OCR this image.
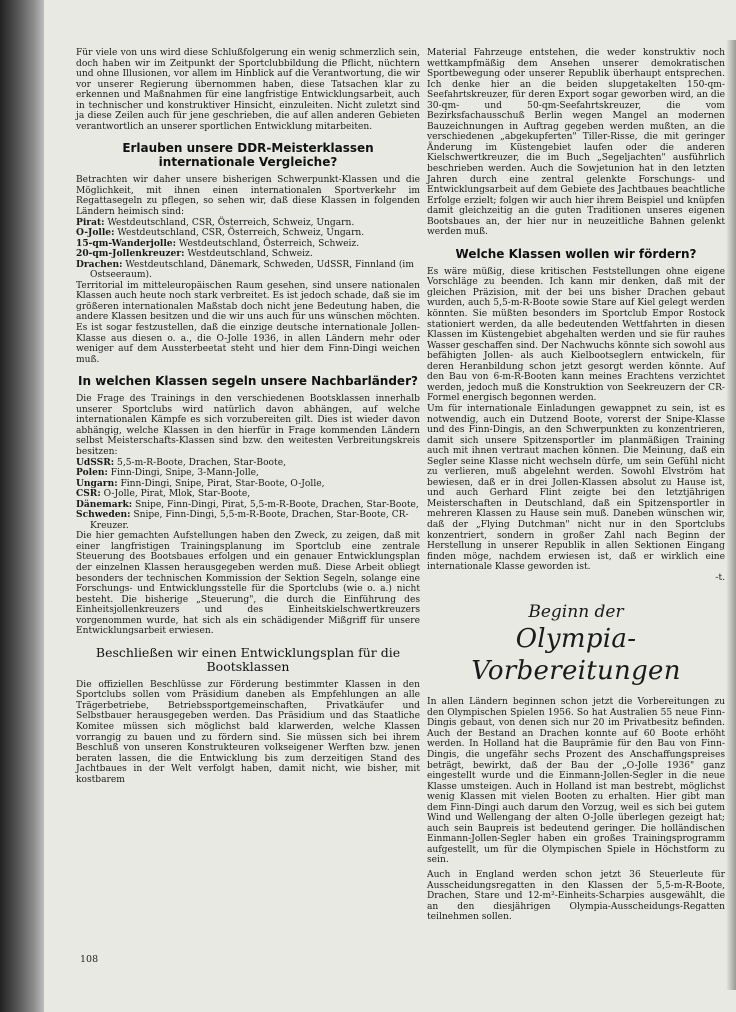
Für viele von uns wird diese Schlußfolgerung ein wenig schmerzlich sein, doch haben wir im Zeitpunkt der Sportclubbildung die Pflicht, nüchtern und ohne Illusionen, vor allem im Hinblick auf die Verantwortung, die wir vor unserer Regierung übernommen haben, diese Tatsachen klar zu erkennen und Maßnahmen für eine langfristige Entwicklungsarbeit, auch in technischer und konstruktiver Hinsicht, einzuleiten. Nicht zuletzt sind ja diese Zeilen auch für jene geschrieben, die auf allen anderen Gebieten verantwortlich an unserer sportlichen Entwicklung mitarbeiten.

Erlauben unsere DDR-Meisterklassen internationale Vergleiche?

Betrachten wir daher unsere bisherigen Schwerpunkt-Klassen und die Möglichkeit, mit ihnen einen internationalen Sportverkehr im Regattasegeln zu pflegen, so sehen wir, daß diese Klassen in folgenden Ländern heimisch sind:

Pirat: Westdeutschland, CSR, Österreich, Schweiz, Ungarn.

O-Jolle: Westdeutschland, CSR, Österreich, Schweiz, Ungarn.

15-qm-Wanderjolle: Westdeutschland, Österreich, Schweiz.

20-qm-Jollenkreuzer: Westdeutschland, Schweiz.

Drachen: Westdeutschland, Dänemark, Schweden, UdSSR, Finnland (im Ostseeraum).

Territorial im mitteleuropäischen Raum gesehen, sind unsere nationalen Klassen auch heute noch stark verbreitet. Es ist jedoch schade, daß sie im größeren internationalen Maßstab doch nicht jene Bedeutung haben, die andere Klassen besitzen und die wir uns auch für uns wünschen möchten. Es ist sogar festzustellen, daß die einzige deutsche internationale Jollen-Klasse aus diesen o. a., die O-Jolle 1936, in allen Ländern mehr oder weniger auf dem Aussterbeetat steht und hier dem Finn-Dingi weichen muß.

In welchen Klassen segeln unsere Nachbarländer?

Die Frage des Trainings in den verschiedenen Bootsklassen innerhalb unserer Sportclubs wird natürlich davon abhängen, auf welche internationalen Kämpfe es sich vorzubereiten gilt. Dies ist wieder davon abhängig, welche Klassen in den hierfür in Frage kommenden Ländern selbst Meisterschafts-Klassen sind bzw. den weitesten Verbreitungskreis besitzen:

UdSSR: 5,5-m-R-Boote, Drachen, Star-Boote,

Polen: Finn-Dingi, Snipe, 3-Mann-Jolle,

Ungarn: Finn-Dingi, Snipe, Pirat, Star-Boote, O-Jolle,

CSR: O-Jolle, Pirat, Mlok, Star-Boote,

Dänemark: Snipe, Finn-Dingi, Pirat, 5,5-m-R-Boote, Drachen, Star-Boote,

Schweden: Snipe, Finn-Dingi, 5,5-m-R-Boote, Drachen, Star-Boote, CR-Kreuzer.

Die hier gemachten Aufstellungen haben den Zweck, zu zeigen, daß mit einer langfristigen Trainingsplanung im Sportclub eine zentrale Steuerung des Bootsbaues erfolgen und ein genauer Entwicklungsplan der einzelnen Klassen herausgegeben werden muß. Diese Arbeit obliegt besonders der technischen Kommission der Sektion Segeln, solange eine Forschungs- und Entwicklungsstelle für die Sportclubs (wie o. a.) nicht besteht. Die bisherige „Steuerung", die durch die Einführung des Einheitsjollenkreuzers und des Einheitskielschwertkreuzers vorgenommen wurde, hat sich als ein schädigender Mißgriff für unsere Entwicklungsarbeit erwiesen.

Beschließen wir einen Entwicklungsplan für die Bootsklassen

Die offiziellen Beschlüsse zur Förderung bestimmter Klassen in den Sportclubs sollen vom Präsidium daneben als Empfehlungen an alle Trägerbetriebe, Betriebssportgemeinschaften, Privatkäufer und Selbstbauer herausgegeben werden. Das Präsidium und das Staatliche Komitee müssen sich möglichst bald klarwerden, welche Klassen vorrangig zu bauen und zu fördern sind. Sie müssen sich bei ihrem Beschluß von unseren Konstrukteuren volkseigener Werften bzw. jenen beraten lassen, die die Entwicklung bis zum derzeitigen Stand des Jachtbaues in der Welt verfolgt haben, damit nicht, wie bisher, mit kostbarem

Material Fahrzeuge entstehen, die weder konstruktiv noch wettkampfmäßig dem Ansehen unserer demokratischen Sportbewegung oder unserer Republik überhaupt entsprechen. Ich denke hier an die beiden slupgetakelten 150-qm-Seefahrtskreuzer, für deren Export sogar geworben wird, an die 30-qm- und 50-qm-Seefahrtskreuzer, die vom Bezirksfachausschuß Berlin wegen Mangel an modernen Bauzeichnungen in Auftrag gegeben werden mußten, an die verschiedenen „abgekupferten" Tiller-Risse, die mit geringer Änderung im Küstengebiet laufen oder die anderen Kielschwertkreuzer, die im Buch „Segeljachten" ausführlich beschrieben werden. Auch die Sowjetunion hat in den letzten Jahren durch eine zentral gelenkte Forschungs- und Entwicklungsarbeit auf dem Gebiete des Jachtbaues beachtliche Erfolge erzielt; folgen wir auch hier ihrem Beispiel und knüpfen damit gleichzeitig an die guten Traditionen unseres eigenen Bootsbaues an, der hier nur in neuzeitliche Bahnen gelenkt werden muß.

Welche Klassen wollen wir fördern?

Es wäre müßig, diese kritischen Feststellungen ohne eigene Vorschläge zu beenden. Ich kann mir denken, daß mit der gleichen Präzision, mit der bei uns bisher Drachen gebaut wurden, auch 5,5-m-R-Boote sowie Stare auf Kiel gelegt werden könnten. Sie müßten besonders im Sportclub Empor Rostock stationiert werden, da alle bedeutenden Wettfahrten in diesen Klassen im Küstengebiet abgehalten werden und sie für rauhes Wasser geschaffen sind. Der Nachwuchs könnte sich sowohl aus befähigten Jollen- als auch Kielbootseglern entwickeln, für deren Heranbildung schon jetzt gesorgt werden könnte. Auf den Bau von 6-m-R-Booten kann meines Erachtens verzichtet werden, jedoch muß die Konstruktion von Seekreuzern der CR-Formel energisch begonnen werden.

Um für internationale Einladungen gewappnet zu sein, ist es notwendig, auch ein Dutzend Boote, vorerst der Snipe-Klasse und des Finn-Dingis, an den Schwerpunkten zu konzentrieren, damit sich unsere Spitzensportler im planmäßigen Training auch mit ihnen vertraut machen können. Die Meinung, daß ein Segler seine Klasse nicht wechseln dürfe, um sein Gefühl nicht zu verlieren, muß abgelehnt werden. Sowohl Elvström hat bewiesen, daß er in drei Jollen-Klassen absolut zu Hause ist, und auch Gerhard Flint zeigte bei den letztjährigen Meisterschaften in Deutschland, daß ein Spitzensportler in mehreren Klassen zu Hause sein muß. Daneben wünschen wir, daß der „Flying Dutchman" nicht nur in den Sportclubs konzentriert, sondern in großer Zahl nach Beginn der Herstellung in unserer Republik in allen Sektionen Eingang finden möge, nachdem erwiesen ist, daß er wirklich eine internationale Klasse geworden ist.

-t.

Beginn der
Olympia-Vorbereitungen

In allen Ländern beginnen schon jetzt die Vorbereitungen zu den Olympischen Spielen 1956. So hat Australien 55 neue Finn-Dingis gebaut, von denen sich nur 20 im Privatbesitz befinden. Auch der Bestand an Drachen konnte auf 60 Boote erhöht werden. In Holland hat die Bauprämie für den Bau von Finn-Dingis, die ungefähr sechs Prozent des Anschaffungspreises beträgt, bewirkt, daß der Bau der „O-Jolle 1936" ganz eingestellt wurde und die Einmann-Jollen-Segler in die neue Klasse umsteigen. Auch in Holland ist man bestrebt, möglichst wenig Klassen mit vielen Booten zu erhalten. Hier gibt man dem Finn-Dingi auch darum den Vorzug, weil es sich bei gutem Wind und Wellengang der alten O-Jolle überlegen gezeigt hat; auch sein Baupreis ist bedeutend geringer. Die holländischen Einmann-Jollen-Segler haben ein großes Trainingsprogramm aufgestellt, um für die Olympischen Spiele in Höchstform zu sein.

Auch in England werden schon jetzt 36 Steuerleute für Ausscheidungsregatten in den Klassen der 5,5-m-R-Boote, Drachen, Stare und 12-m²-Einheits-Scharpies ausgewählt, die an den diesjährigen Olympia-Ausscheidungs-Regatten teilnehmen sollen.

108
